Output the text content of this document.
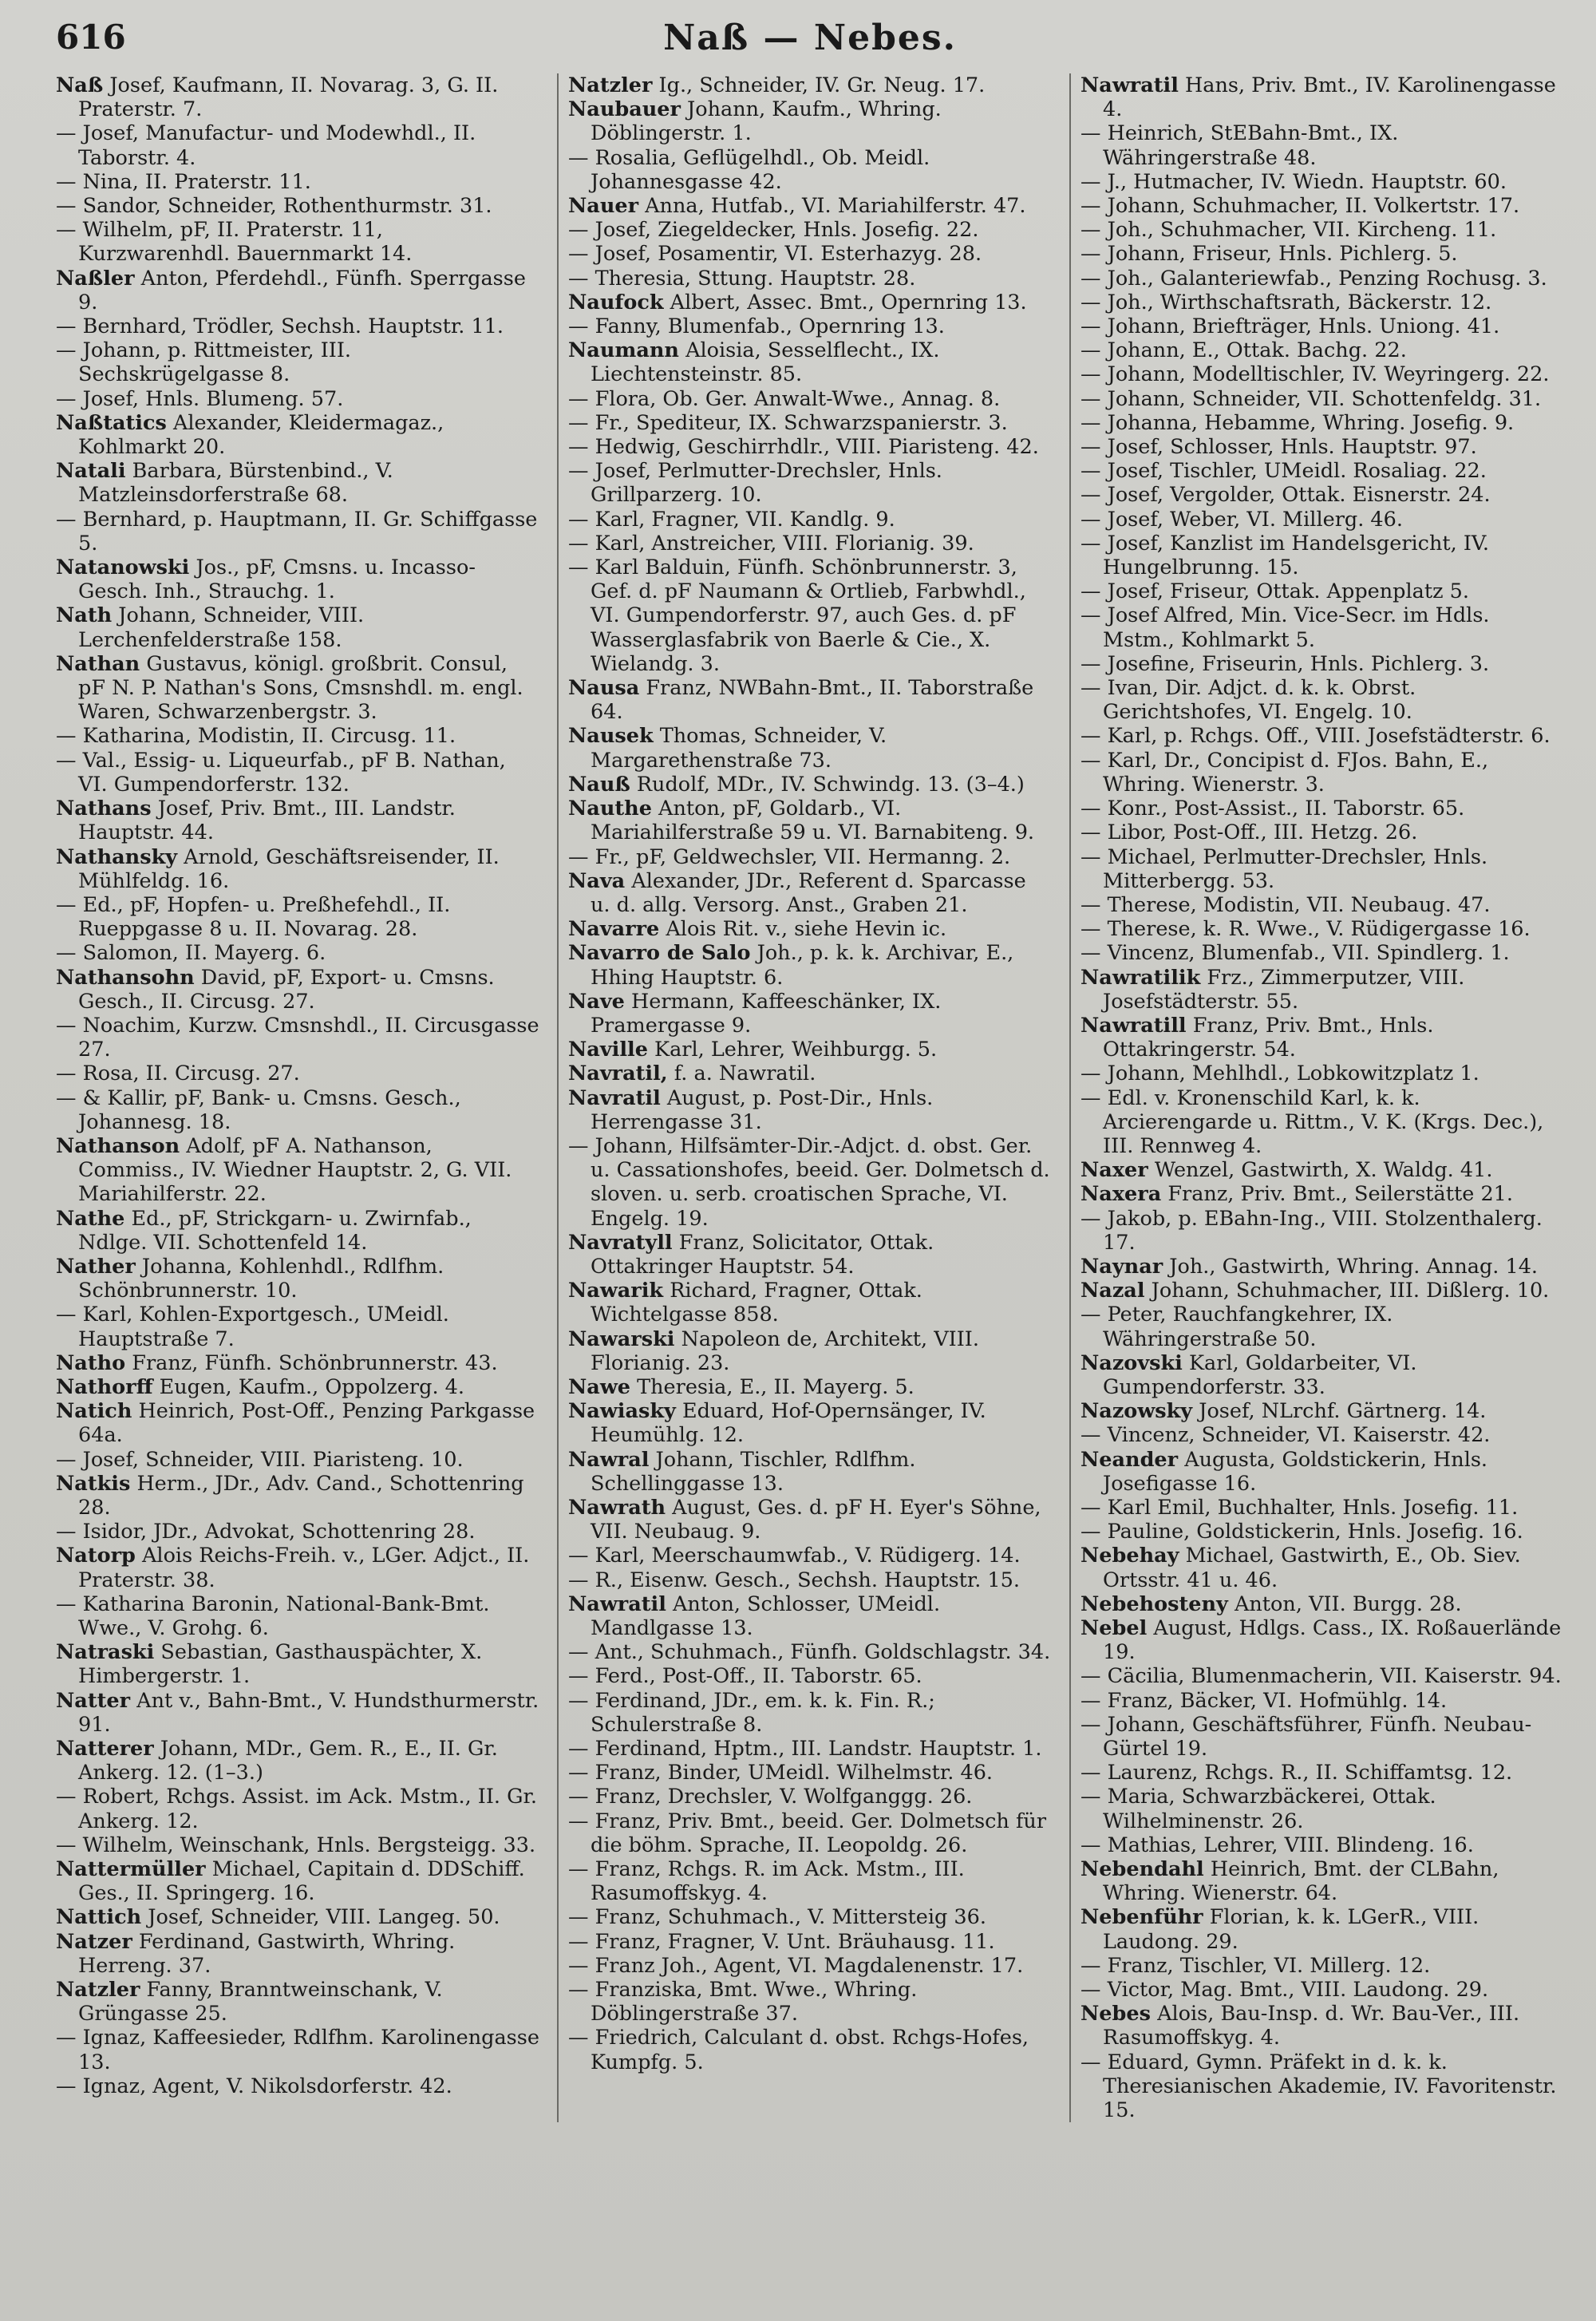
616	Naß — Nebes.

Naß Josef, Kaufmann, II. Novarag. 3, G. II. Praterstr. 7.

— Josef, Manufactur- und Modewhdl., II. Taborstr. 4.

— Nina, II. Praterstr. 11.

— Sandor, Schneider, Rothenthurmstr. 31.

— Wilhelm, pF, II. Praterstr. 11, Kurzwarenhdl. Bauernmarkt 14.

Naßler Anton, Pferdehdl., Fünfh. Sperrgasse 9.

— Bernhard, Trödler, Sechsh. Hauptstr. 11.

— Johann, p. Rittmeister, III. Sechskrügelgasse 8.

— Josef, Hnls. Blumeng. 57.

Naßtatics Alexander, Kleidermagaz., Kohlmarkt 20.

Natali Barbara, Bürstenbind., V. Matzleinsdorferstraße 68.

— Bernhard, p. Hauptmann, II. Gr. Schiffgasse 5.

Natanowski Jos., pF, Cmsns. u. Incasso-Gesch. Inh., Strauchg. 1.

Nath Johann, Schneider, VIII. Lerchenfelderstraße 158.

Nathan Gustavus, königl. großbrit. Consul, pF N. P. Nathan's Sons, Cmsnshdl. m. engl. Waren, Schwarzenbergstr. 3.

— Katharina, Modistin, II. Circusg. 11.

— Val., Essig- u. Liqueurfab., pF B. Nathan, VI. Gumpendorferstr. 132.

Nathans Josef, Priv. Bmt., III. Landstr. Hauptstr. 44.

Nathansky Arnold, Geschäftsreisender, II. Mühlfeldg. 16.

— Ed., pF, Hopfen- u. Preßhefehdl., II. Rueppgasse 8 u. II. Novarag. 28.

— Salomon, II. Mayerg. 6.

Nathansohn David, pF, Export- u. Cmsns. Gesch., II. Circusg. 27.

— Noachim, Kurzw. Cmsnshdl., II. Circusgasse 27.

— Rosa, II. Circusg. 27.

— & Kallir, pF, Bank- u. Cmsns. Gesch., Johannesg. 18.

Nathanson Adolf, pF A. Nathanson, Commiss., IV. Wiedner Hauptstr. 2, G. VII. Mariahilferstr. 22.

Nathe Ed., pF, Strickgarn- u. Zwirnfab., Ndlge. VII. Schottenfeld 14.

Nather Johanna, Kohlenhdl., Rdlfhm. Schönbrunnerstr. 10.

— Karl, Kohlen-Exportgesch., UMeidl. Hauptstraße 7.

Natho Franz, Fünfh. Schönbrunnerstr. 43.

Nathorff Eugen, Kaufm., Oppolzerg. 4.

Natich Heinrich, Post-Off., Penzing Parkgasse 64a.

— Josef, Schneider, VIII. Piaristeng. 10.

Natkis Herm., JDr., Adv. Cand., Schottenring 28.

— Isidor, JDr., Advokat, Schottenring 28.

Natorp Alois Reichs-Freih. v., LGer. Adjct., II. Praterstr. 38.

— Katharina Baronin, National-Bank-Bmt. Wwe., V. Grohg. 6.

Natraski Sebastian, Gasthauspächter, X. Himbergerstr. 1.

Natter Ant v., Bahn-Bmt., V. Hundsthurmerstr. 91.

Natterer Johann, MDr., Gem. R., E., II. Gr. Ankerg. 12. (1–3.)

— Robert, Rchgs. Assist. im Ack. Mstm., II. Gr. Ankerg. 12.

— Wilhelm, Weinschank, Hnls. Bergsteigg. 33.

Nattermüller Michael, Capitain d. DDSchiff. Ges., II. Springerg. 16.

Nattich Josef, Schneider, VIII. Langeg. 50.

Natzer Ferdinand, Gastwirth, Whring. Herreng. 37.

Natzler Fanny, Branntweinschank, V. Grüngasse 25.

— Ignaz, Kaffeesieder, Rdlfhm. Karolinengasse 13.

— Ignaz, Agent, V. Nikolsdorferstr. 42.

Natzler Ig., Schneider, IV. Gr. Neug. 17.

Naubauer Johann, Kaufm., Whring. Döblingerstr. 1.

— Rosalia, Geflügelhdl., Ob. Meidl. Johannesgasse 42.

Nauer Anna, Hutfab., VI. Mariahilferstr. 47.

— Josef, Ziegeldecker, Hnls. Josefig. 22.

— Josef, Posamentir, VI. Esterhazyg. 28.

— Theresia, Sttung. Hauptstr. 28.

Naufock Albert, Assec. Bmt., Opernring 13.

— Fanny, Blumenfab., Opernring 13.

Naumann Aloisia, Sesselflecht., IX. Liechtensteinstr. 85.

— Flora, Ob. Ger. Anwalt-Wwe., Annag. 8.

— Fr., Spediteur, IX. Schwarzspanierstr. 3.

— Hedwig, Geschirrhdlr., VIII. Piaristeng. 42.

— Josef, Perlmutter-Drechsler, Hnls. Grillparzerg. 10.

— Karl, Fragner, VII. Kandlg. 9.

— Karl, Anstreicher, VIII. Florianig. 39.

— Karl Balduin, Fünfh. Schönbrunnerstr. 3, Gef. d. pF Naumann & Ortlieb, Farbwhdl., VI. Gumpendorferstr. 97, auch Ges. d. pF Wasserglasfabrik von Baerle & Cie., X. Wielandg. 3.

Nausa Franz, NWBahn-Bmt., II. Taborstraße 64.

Nausek Thomas, Schneider, V. Margarethenstraße 73.

Nauß Rudolf, MDr., IV. Schwindg. 13. (3–4.)

Nauthe Anton, pF, Goldarb., VI. Mariahilferstraße 59 u. VI. Barnabiteng. 9.

— Fr., pF, Geldwechsler, VII. Hermanng. 2.

Nava Alexander, JDr., Referent d. Sparcasse u. d. allg. Versorg. Anst., Graben 21.

Navarre Alois Rit. v., siehe Hevin ic.

Navarro de Salo Joh., p. k. k. Archivar, E., Hhing Hauptstr. 6.

Nave Hermann, Kaffeeschänker, IX. Pramergasse 9.

Naville Karl, Lehrer, Weihburgg. 5.

Navratil, f. a. Nawratil.

Navratil August, p. Post-Dir., Hnls. Herrengasse 31.

— Johann, Hilfsämter-Dir.-Adjct. d. obst. Ger. u. Cassationshofes, beeid. Ger. Dolmetsch d. sloven. u. serb. croatischen Sprache, VI. Engelg. 19.

Navratyll Franz, Solicitator, Ottak. Ottakringer Hauptstr. 54.

Nawarik Richard, Fragner, Ottak. Wichtelgasse 858.

Nawarski Napoleon de, Architekt, VIII. Florianig. 23.

Nawe Theresia, E., II. Mayerg. 5.

Nawiasky Eduard, Hof-Opernsänger, IV. Heumühlg. 12.

Nawral Johann, Tischler, Rdlfhm. Schellinggasse 13.

Nawrath August, Ges. d. pF H. Eyer's Söhne, VII. Neubaug. 9.

— Karl, Meerschaumwfab., V. Rüdigerg. 14.

— R., Eisenw. Gesch., Sechsh. Hauptstr. 15.

Nawratil Anton, Schlosser, UMeidl. Mandlgasse 13.

— Ant., Schuhmach., Fünfh. Goldschlagstr. 34.

— Ferd., Post-Off., II. Taborstr. 65.

— Ferdinand, JDr., em. k. k. Fin. R.; Schulerstraße 8.

— Ferdinand, Hptm., III. Landstr. Hauptstr. 1.

— Franz, Binder, UMeidl. Wilhelmstr. 46.

— Franz, Drechsler, V. Wolfganggg. 26.

— Franz, Priv. Bmt., beeid. Ger. Dolmetsch für die böhm. Sprache, II. Leopoldg. 26.

— Franz, Rchgs. R. im Ack. Mstm., III. Rasumoffskyg. 4.

— Franz, Schuhmach., V. Mittersteig 36.

— Franz, Fragner, V. Unt. Bräuhausg. 11.

— Franz Joh., Agent, VI. Magdalenenstr. 17.

— Franziska, Bmt. Wwe., Whring. Döblingerstraße 37.

— Friedrich, Calculant d. obst. Rchgs-Hofes, Kumpfg. 5.

Nawratil Hans, Priv. Bmt., IV. Karolinengasse 4.

— Heinrich, StEBahn-Bmt., IX. Währingerstraße 48.

— J., Hutmacher, IV. Wiedn. Hauptstr. 60.

— Johann, Schuhmacher, II. Volkertstr. 17.

— Joh., Schuhmacher, VII. Kircheng. 11.

— Johann, Friseur, Hnls. Pichlerg. 5.

— Joh., Galanteriewfab., Penzing Rochusg. 3.

— Joh., Wirthschaftsrath, Bäckerstr. 12.

— Johann, Briefträger, Hnls. Uniong. 41.

— Johann, E., Ottak. Bachg. 22.

— Johann, Modelltischler, IV. Weyringerg. 22.

— Johann, Schneider, VII. Schottenfeldg. 31.

— Johanna, Hebamme, Whring. Josefig. 9.

— Josef, Schlosser, Hnls. Hauptstr. 97.

— Josef, Tischler, UMeidl. Rosaliag. 22.

— Josef, Vergolder, Ottak. Eisnerstr. 24.

— Josef, Weber, VI. Millerg. 46.

— Josef, Kanzlist im Handelsgericht, IV. Hungelbrunng. 15.

— Josef, Friseur, Ottak. Appenplatz 5.

— Josef Alfred, Min. Vice-Secr. im Hdls. Mstm., Kohlmarkt 5.

— Josefine, Friseurin, Hnls. Pichlerg. 3.

— Ivan, Dir. Adjct. d. k. k. Obrst. Gerichtshofes, VI. Engelg. 10.

— Karl, p. Rchgs. Off., VIII. Josefstädterstr. 6.

— Karl, Dr., Concipist d. FJos. Bahn, E., Whring. Wienerstr. 3.

— Konr., Post-Assist., II. Taborstr. 65.

— Libor, Post-Off., III. Hetzg. 26.

— Michael, Perlmutter-Drechsler, Hnls. Mitterbergg. 53.

— Therese, Modistin, VII. Neubaug. 47.

— Therese, k. R. Wwe., V. Rüdigergasse 16.

— Vincenz, Blumenfab., VII. Spindlerg. 1.

Nawratilik Frz., Zimmerputzer, VIII. Josefstädterstr. 55.

Nawratill Franz, Priv. Bmt., Hnls. Ottakringerstr. 54.

— Johann, Mehlhdl., Lobkowitzplatz 1.

— Edl. v. Kronenschild Karl, k. k. Arcierengarde u. Rittm., V. K. (Krgs. Dec.), III. Rennweg 4.

Naxer Wenzel, Gastwirth, X. Waldg. 41.

Naxera Franz, Priv. Bmt., Seilerstätte 21.

— Jakob, p. EBahn-Ing., VIII. Stolzenthalerg. 17.

Naynar Joh., Gastwirth, Whring. Annag. 14.

Nazal Johann, Schuhmacher, III. Dißlerg. 10.

— Peter, Rauchfangkehrer, IX. Währingerstraße 50.

Nazovski Karl, Goldarbeiter, VI. Gumpendorferstr. 33.

Nazowsky Josef, NLrchf. Gärtnerg. 14.

— Vincenz, Schneider, VI. Kaiserstr. 42.

Neander Augusta, Goldstickerin, Hnls. Josefigasse 16.

— Karl Emil, Buchhalter, Hnls. Josefig. 11.

— Pauline, Goldstickerin, Hnls. Josefig. 16.

Nebehay Michael, Gastwirth, E., Ob. Siev. Ortsstr. 41 u. 46.

Nebehosteny Anton, VII. Burgg. 28.

Nebel August, Hdlgs. Cass., IX. Roßauerlände 19.

— Cäcilia, Blumenmacherin, VII. Kaiserstr. 94.

— Franz, Bäcker, VI. Hofmühlg. 14.

— Johann, Geschäftsführer, Fünfh. Neubau-Gürtel 19.

— Laurenz, Rchgs. R., II. Schiffamtsg. 12.

— Maria, Schwarzbäckerei, Ottak. Wilhelminenstr. 26.

— Mathias, Lehrer, VIII. Blindeng. 16.

Nebendahl Heinrich, Bmt. der CLBahn, Whring. Wienerstr. 64.

Nebenführ Florian, k. k. LGerR., VIII. Laudong. 29.

— Franz, Tischler, VI. Millerg. 12.

— Victor, Mag. Bmt., VIII. Laudong. 29.

Nebes Alois, Bau-Insp. d. Wr. Bau-Ver., III. Rasumoffskyg. 4.

— Eduard, Gymn. Präfekt in d. k. k. Theresianischen Akademie, IV. Favoritenstr. 15.
